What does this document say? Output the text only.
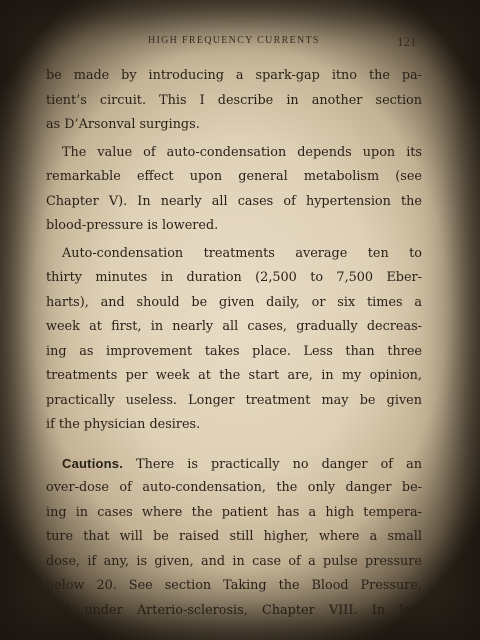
HIGH FREQUENCY CURRENTS	121
be made by introducing a spark-gap itno the pa-
tient’s circuit. This I describe in another section
as D’Arsonval surgings.
The value of auto-condensation depends upon its
remarkable effect upon general metabolism (see
Chapter V). In nearly all cases of hypertension the
blood-pressure is lowered.
Auto-condensation treatments average ten to
thirty minutes in duration (2,500 to 7,500 Eber-
harts), and should be given daily, or six times a
week at first, in nearly all cases, gradually decreas-
ing as improvement takes place. Less than three
treatments per week at the start are, in my opinion,
practically useless. Longer treatment may be given
if the physician desires.
Cautions. There is practically no danger of an
over-dose of auto-condensation, the only danger be-
ing in cases where the patient has a high tempera-
ture that will be raised still higher, where a small
dose, if any, is given, and in case of a pulse pressure
below 20. See section Taking the Blood Pressure,
and under Arterio-sclerosis, Chapter VIII. In low
